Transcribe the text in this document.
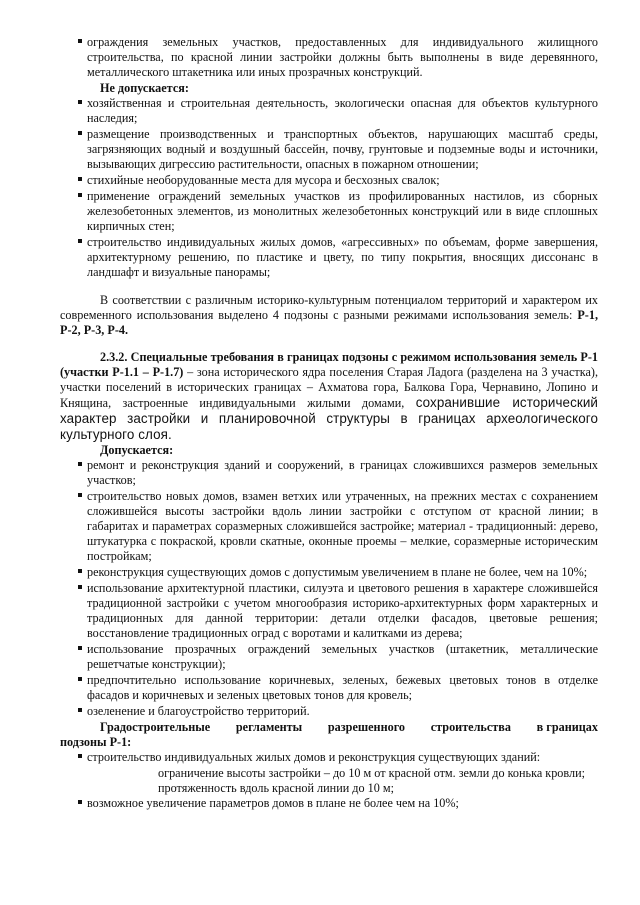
ограждения земельных участков, предоставленных для индивидуального жилищного строительства, по красной линии застройки должны быть выполнены в виде деревянного, металлического штакетника или иных прозрачных конструкций.
Не допускается:
хозяйственная и строительная деятельность, экологически опасная для объектов культурного наследия;
размещение производственных и транспортных объектов, нарушающих масштаб среды, загрязняющих водный и воздушный бассейн, почву, грунтовые и подземные воды и источники, вызывающих дигрессию растительности, опасных в пожарном отношении;
стихийные необорудованные места для мусора и бесхозных свалок;
применение ограждений земельных участков из профилированных настилов, из сборных железобетонных элементов, из монолитных железобетонных конструкций или в виде сплошных кирпичных стен;
строительство индивидуальных жилых домов, «агрессивных» по объемам, форме завершения, архитектурному решению, по пластике и цвету, по типу покрытия, вносящих диссонанс в ландшафт и визуальные панорамы;

В соответствии с различным историко-культурным потенциалом территорий и характером их современного использования выделено 4 подзоны с разными режимами использования земель: Р-1, Р-2, Р-3, Р-4.

2.3.2. Специальные требования в границах подзоны с режимом использования земель Р-1 (участки Р-1.1 – Р-1.7) – зона исторического ядра поселения Старая Ладога (разделена на 3 участка), участки поселений в исторических границах – Ахматова гора, Балкова Гора, Чернавино, Лопино и Княщина, застроенные индивидуальными жилыми домами, сохранившие исторический характер застройки и планировочной структуры в границах археологического культурного слоя.

Допускается:
ремонт и реконструкция зданий и сооружений, в границах сложившихся размеров земельных участков;
строительство новых домов, взамен ветхих или утраченных, на прежних местах с сохранением сложившейся высоты застройки вдоль линии застройки с отступом от красной линии; в габаритах и параметрах соразмерных сложившейся застройке; материал - традиционный: дерево, штукатурка с покраской, кровли скатные, оконные проемы – мелкие, соразмерные историческим постройкам;
реконструкция существующих домов с допустимым увеличением в плане не более, чем на 10%;
использование архитектурной пластики, силуэта и цветового решения в характере сложившейся традиционной застройки с учетом многообразия историко-архитектурных форм характерных и традиционных для данной территории: детали отделки фасадов, цветовые решения; восстановление традиционных оград с воротами и калитками из дерева;
использование прозрачных ограждений земельных участков (штакетник, металлические решетчатые конструкции);
предпочтительно использование коричневых, зеленых, бежевых цветовых тонов в отделке фасадов и коричневых и зеленых цветовых тонов для кровель;
озеленение и благоустройство территорий.
Градостроительные регламенты разрешенного строительства в границах
подзоны Р-1:
строительство индивидуальных жилых домов и реконструкция существующих зданий:
ограничение высоты застройки – до 10 м от красной отм. земли до конька кровли;
протяженность вдоль красной линии до 10 м;
возможное увеличение параметров домов в плане не более чем на 10%;
